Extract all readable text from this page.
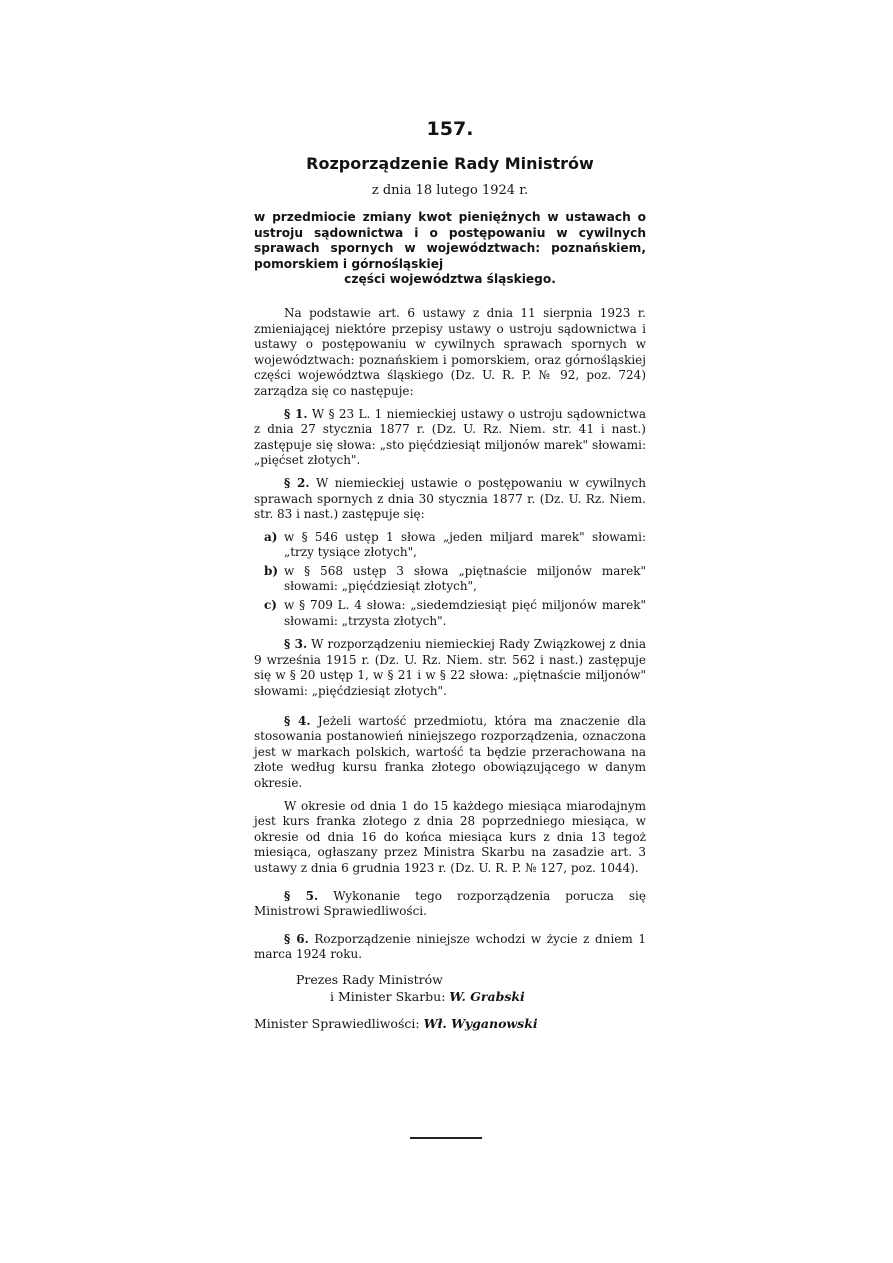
157.
Rozporządzenie Rady Ministrów
z dnia 18 lutego 1924 r.
w przedmiocie zmiany kwot pieniężnych w ustawach o ustroju sądownictwa i o postępowaniu w cywilnych sprawach spornych w województwach: poznańskiem, pomorskiem i górnośląskiej
części województwa śląskiego.

Na podstawie art. 6 ustawy z dnia 11 sierpnia 1923 r. zmieniającej niektóre przepisy ustawy o ustroju sądownictwa i ustawy o postępowaniu w cywilnych sprawach spornych w województwach: poznańskiem i pomorskiem, oraz górnośląskiej części województwa śląskiego (Dz. U. R. P. № 92, poz. 724) zarządza się co następuje:

§ 1. W § 23 L. 1 niemieckiej ustawy o ustroju sądownictwa z dnia 27 stycznia 1877 r. (Dz. U. Rz. Niem. str. 41 i nast.) zastępuje się słowa: „sto pięćdziesiąt miljonów marek" słowami: „pięćset złotych".

§ 2. W niemieckiej ustawie o postępowaniu w cywilnych sprawach spornych z dnia 30 stycznia 1877 r. (Dz. U. Rz. Niem. str. 83 i nast.) zastępuje się:

a) w § 546 ustęp 1 słowa „jeden miljard marek" słowami: „trzy tysiące złotych",
b) w § 568 ustęp 3 słowa „piętnaście miljonów marek" słowami: „pięćdziesiąt złotych",
c) w § 709 L. 4 słowa: „siedemdziesiąt pięć miljonów marek" słowami: „trzysta złotych".

§ 3. W rozporządzeniu niemieckiej Rady Związkowej z dnia 9 września 1915 r. (Dz. U. Rz. Niem. str. 562 i nast.) zastępuje się w § 20 ustęp 1, w § 21 i w § 22 słowa: „piętnaście miljonów" słowami: „pięćdziesiąt złotych".

§ 4. Jeżeli wartość przedmiotu, która ma znaczenie dla stosowania postanowień niniejszego rozporządzenia, oznaczona jest w markach polskich, wartość ta będzie przerachowana na złote według kursu franka złotego obowiązującego w danym okresie.

W okresie od dnia 1 do 15 każdego miesiąca miarodajnym jest kurs franka złotego z dnia 28 poprzedniego miesiąca, w okresie od dnia 16 do końca miesiąca kurs z dnia 13 tegoż miesiąca, ogłaszany przez Ministra Skarbu na zasadzie art. 3 ustawy z dnia 6 grudnia 1923 r. (Dz. U. R. P. № 127, poz. 1044).

§ 5. Wykonanie tego rozporządzenia porucza się Ministrowi Sprawiedliwości.

§ 6. Rozporządzenie niniejsze wchodzi w życie z dniem 1 marca 1924 roku.

Prezes Rady Ministrów
i Minister Skarbu: W. Grabski
Minister Sprawiedliwości: Wł. Wyganowski
